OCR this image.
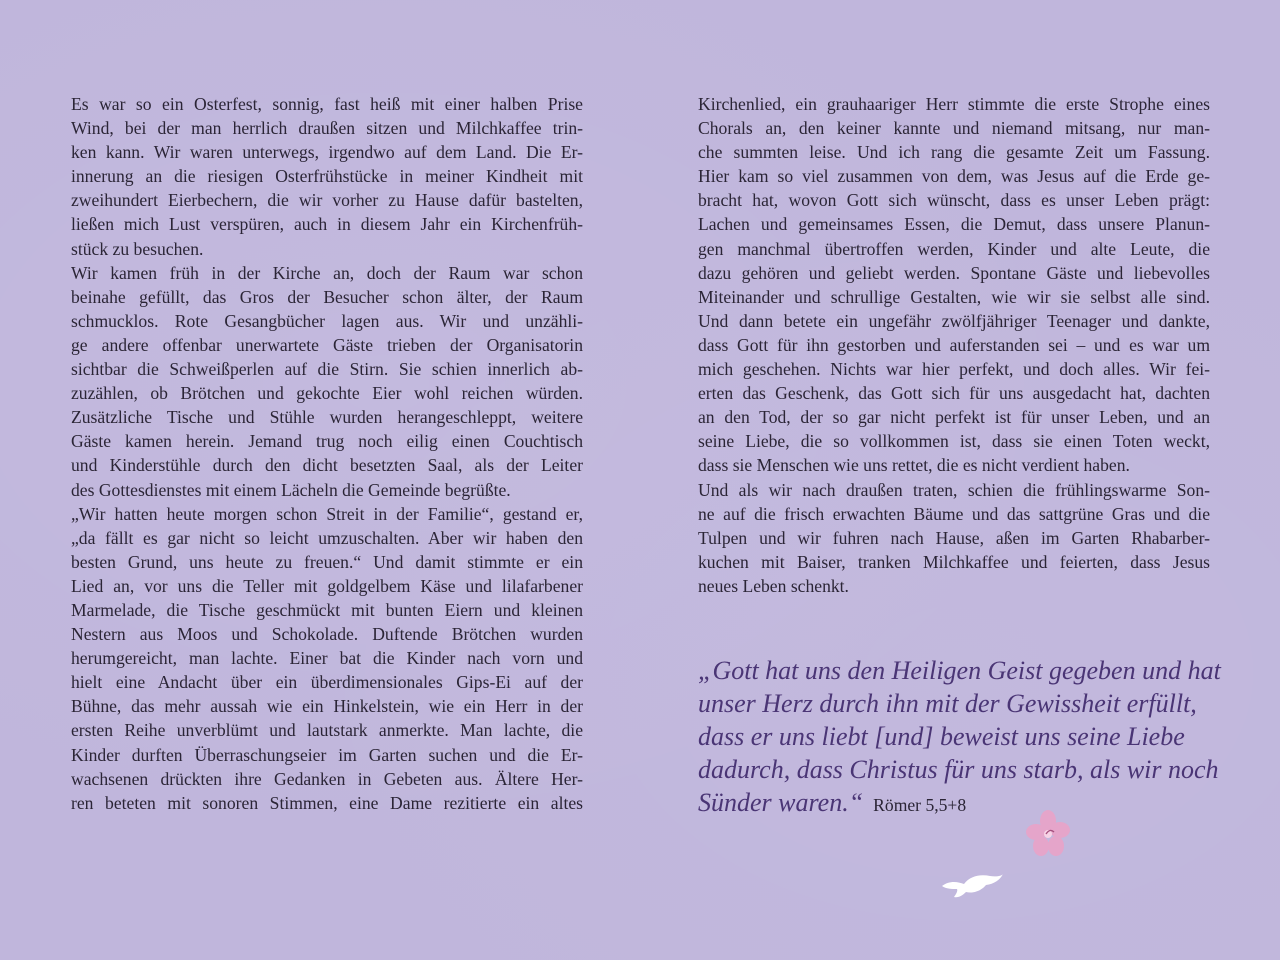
Es war so ein Osterfest, sonnig, fast heiß mit einer halben Prise
Wind, bei der man herrlich draußen sitzen und Milchkaffee trin-
ken kann. Wir waren unterwegs, irgendwo auf dem Land. Die Er-
innerung an die riesigen Osterfrühstücke in meiner Kindheit mit
zweihundert Eierbechern, die wir vorher zu Hause dafür bastelten,
ließen mich Lust verspüren, auch in diesem Jahr ein Kirchenfrüh-
stück zu besuchen.
Wir kamen früh in der Kirche an, doch der Raum war schon
beinahe gefüllt, das Gros der Besucher schon älter, der Raum
schmucklos. Rote Gesangbücher lagen aus. Wir und unzähli-
ge andere offenbar unerwartete Gäste trieben der Organisatorin
sichtbar die Schweißperlen auf die Stirn. Sie schien innerlich ab-
zuzählen, ob Brötchen und gekochte Eier wohl reichen würden.
Zusätzliche Tische und Stühle wurden herangeschleppt, weitere
Gäste kamen herein. Jemand trug noch eilig einen Couchtisch
und Kinderstühle durch den dicht besetzten Saal, als der Leiter
des Gottesdienstes mit einem Lächeln die Gemeinde begrüßte.
„Wir hatten heute morgen schon Streit in der Familie“, gestand er,
„da fällt es gar nicht so leicht umzuschalten. Aber wir haben den
besten Grund, uns heute zu freuen.“ Und damit stimmte er ein
Lied an, vor uns die Teller mit goldgelbem Käse und lilafarbener
Marmelade, die Tische geschmückt mit bunten Eiern und kleinen
Nestern aus Moos und Schokolade. Duftende Brötchen wurden
herumgereicht, man lachte. Einer bat die Kinder nach vorn und
hielt eine Andacht über ein überdimensionales Gips-Ei auf der
Bühne, das mehr aussah wie ein Hinkelstein, wie ein Herr in der
ersten Reihe unverblümt und lautstark anmerkte. Man lachte, die
Kinder durften Überraschungseier im Garten suchen und die Er-
wachsenen drückten ihre Gedanken in Gebeten aus. Ältere Her-
ren beteten mit sonoren Stimmen, eine Dame rezitierte ein altes
Kirchenlied, ein grauhaariger Herr stimmte die erste Strophe eines
Chorals an, den keiner kannte und niemand mitsang, nur man-
che summten leise. Und ich rang die gesamte Zeit um Fassung.
Hier kam so viel zusammen von dem, was Jesus auf die Erde ge-
bracht hat, wovon Gott sich wünscht, dass es unser Leben prägt:
Lachen und gemeinsames Essen, die Demut, dass unsere Planun-
gen manchmal übertroffen werden, Kinder und alte Leute, die
dazu gehören und geliebt werden. Spontane Gäste und liebevolles
Miteinander und schrullige Gestalten, wie wir sie selbst alle sind.
Und dann betete ein ungefähr zwölfjähriger Teenager und dankte,
dass Gott für ihn gestorben und auferstanden sei – und es war um
mich geschehen. Nichts war hier perfekt, und doch alles. Wir fei-
erten das Geschenk, das Gott sich für uns ausgedacht hat, dachten
an den Tod, der so gar nicht perfekt ist für unser Leben, und an
seine Liebe, die so vollkommen ist, dass sie einen Toten weckt,
dass sie Menschen wie uns rettet, die es nicht verdient haben.
Und als wir nach draußen traten, schien die frühlingswarme Son-
ne auf die frisch erwachten Bäume und das sattgrüne Gras und die
Tulpen und wir fuhren nach Hause, aßen im Garten Rhabarber-
kuchen mit Baiser, tranken Milchkaffee und feierten, dass Jesus
neues Leben schenkt.
„Gott hat uns den Heiligen Geist gegeben und hat
unser Herz durch ihn mit der Gewissheit erfüllt,
dass er uns liebt [und] beweist uns seine Liebe
dadurch, dass Christus für uns starb, als wir noch
Sünder waren.“ Römer 5,5+8
